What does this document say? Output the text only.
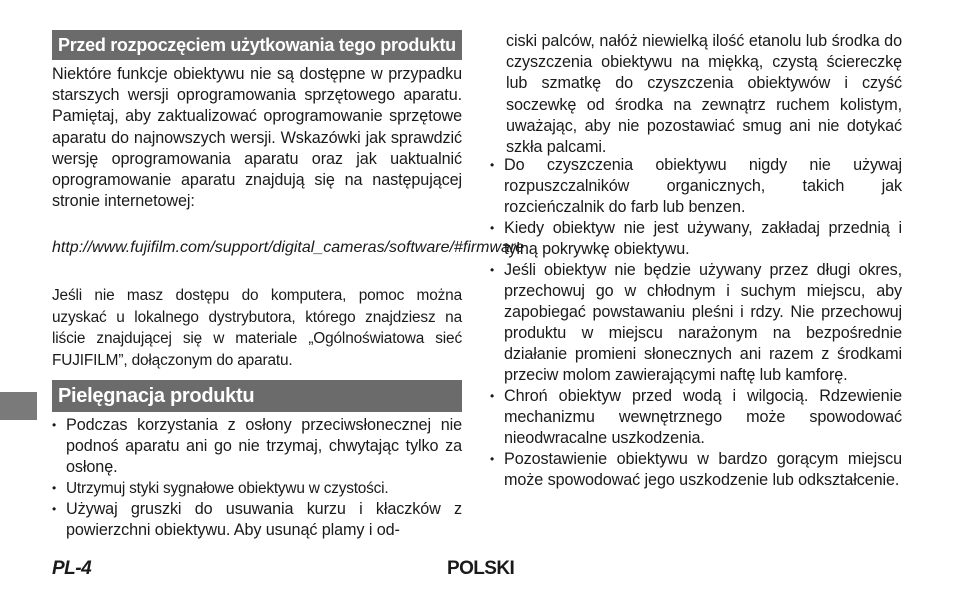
Przed rozpoczęciem użytkowania tego produktu

Niektóre funkcje obiektywu nie są dostępne w przypadku starszych wersji oprogramowania sprzętowego aparatu. Pamiętaj, aby zaktualizować oprogramowanie sprzętowe aparatu do najnowszych wersji. Wskazówki jak sprawdzić wersję oprogramowania aparatu oraz jak uaktualnić oprogramowanie aparatu znajdują się na następującej stronie internetowej:

http://www.fujifilm.com/support/digital_cameras/software/#firmware

Jeśli nie masz dostępu do komputera, pomoc można uzyskać u lokalnego dystrybutora, którego znajdziesz na liście znajdującej się w materiale „Ogólnoświatowa sieć FUJIFILM”, dołączonym do aparatu.

Pielęgnacja produktu
• Podczas korzystania z osłony przeciwsłonecznej nie podnoś aparatu ani go nie trzymaj, chwytając tylko za osłonę.
• Utrzymuj styki sygnałowe obiektywu w czystości.
• Używaj gruszki do usuwania kurzu i kłaczków z powierzchni obiektywu. Aby usunąć plamy i od-

ciski palców, nałóż niewielką ilość etanolu lub środka do czyszczenia obiektywu na miękką, czystą ściereczkę lub szmatkę do czyszczenia obiektywów i czyść soczewkę od środka na zewnątrz ruchem kolistym, uważając, aby nie pozostawiać smug ani nie dotykać szkła palcami.

• Do czyszczenia obiektywu nigdy nie używaj rozpuszczalników organicznych, takich jak rozcieńczalnik do farb lub benzen.
• Kiedy obiektyw nie jest używany, zakładaj przednią i tylną pokrywkę obiektywu.
• Jeśli obiektyw nie będzie używany przez długi okres, przechowuj go w chłodnym i suchym miejscu, aby zapobiegać powstawaniu pleśni i rdzy. Nie przechowuj produktu w miejscu narażonym na bezpośrednie działanie promieni słonecznych ani razem z środkami przeciw molom zawierającymi naftę lub kamforę.
• Chroń obiektyw przed wodą i wilgocią. Rdzewienie mechanizmu wewnętrznego może spowodować nieodwracalne uszkodzenia.
• Pozostawienie obiektywu w bardzo gorącym miejscu może spowodować jego uszkodzenie lub odkształcenie.
PL-4	POLSKI
